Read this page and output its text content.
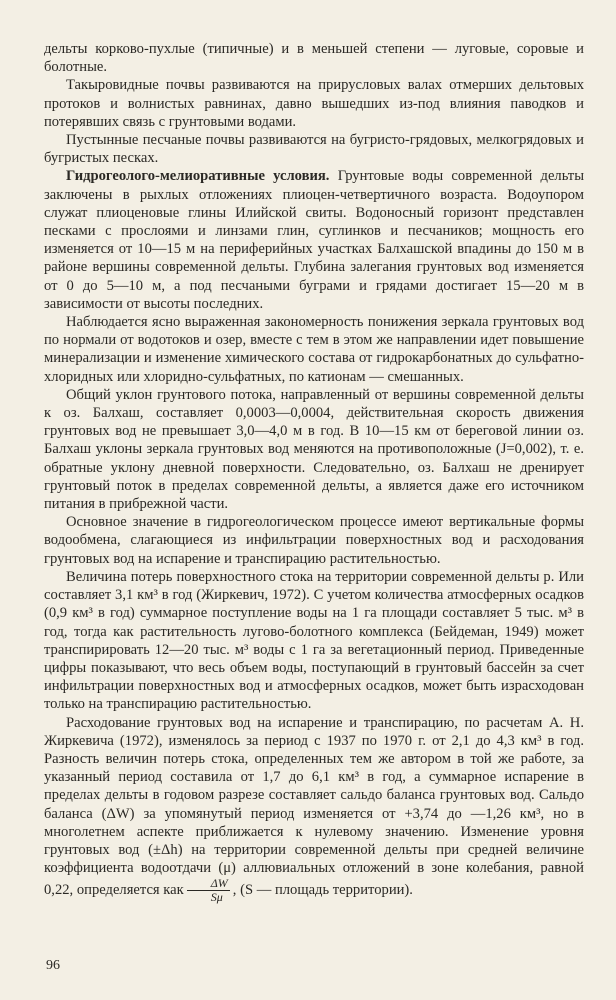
дельты корково-пухлые (типичные) и в меньшей степени — луговые, соровые и болотные.

Такыровидные почвы развиваются на прирусловых валах отмерших дельтовых протоков и волнистых равнинах, давно вышедших из-под влияния паводков и потерявших связь с грунтовыми водами.

Пустынные песчаные почвы развиваются на бугристо-грядовых, мелкогрядовых и бугристых песках.

Гидрогеолого-мелиоративные условия. Грунтовые воды современной дельты заключены в рыхлых отложениях плиоцен-четвертичного возраста. Водоупором служат плиоценовые глины Илийской свиты. Водоносный горизонт представлен песками с прослоями и линзами глин, суглинков и песчаников; мощность его изменяется от 10—15 м на периферийных участках Балхашской впадины до 150 м в районе вершины современной дельты. Глубина залегания грунтовых вод изменяется от 0 до 5—10 м, а под песчаными буграми и грядами достигает 15—20 м в зависимости от высоты последних.

Наблюдается ясно выраженная закономерность понижения зеркала грунтовых вод по нормали от водотоков и озер, вместе с тем в этом же направлении идет повышение минерализации и изменение химического состава от гидрокарбонатных до сульфатно-хлоридных или хлоридно-сульфатных, по катионам — смешанных.

Общий уклон грунтового потока, направленный от вершины современной дельты к оз. Балхаш, составляет 0,0003—0,0004, действительная скорость движения грунтовых вод не превышает 3,0—4,0 м в год. В 10—15 км от береговой линии оз. Балхаш уклоны зеркала грунтовых вод меняются на противоположные (J=0,002), т. е. обратные уклону дневной поверхности. Следовательно, оз. Балхаш не дренирует грунтовый поток в пределах современной дельты, а является даже его источником питания в прибрежной части.

Основное значение в гидрогеологическом процессе имеют вертикальные формы водообмена, слагающиеся из инфильтрации поверхностных вод и расходования грунтовых вод на испарение и транспирацию растительностью.

Величина потерь поверхностного стока на территории современной дельты р. Или составляет 3,1 км³ в год (Жиркевич, 1972). С учетом количества атмосферных осадков (0,9 км³ в год) суммарное поступление воды на 1 га площади составляет 5 тыс. м³ в год, тогда как растительность лугово-болотного комплекса (Бейдеман, 1949) может транспирировать 12—20 тыс. м³ воды с 1 га за вегетационный период. Приведенные цифры показывают, что весь объем воды, поступающий в грунтовый бассейн за счет инфильтрации поверхностных вод и атмосферных осадков, может быть израсходован только на транспирацию растительностью.

Расходование грунтовых вод на испарение и транспирацию, по расчетам А. Н. Жиркевича (1972), изменялось за период с 1937 по 1970 г. от 2,1 до 4,3 км³ в год. Разность величин потерь стока, определенных тем же автором в той же работе, за указанный период составила от 1,7 до 6,1 км³ в год, а суммарное испарение в пределах дельты в годовом разрезе составляет сальдо баланса грунтовых вод. Сальдо баланса (ΔW) за упомянутый период изменяется от +3,74 до —1,26 км³, но в многолетнем аспекте приближается к нулевому значению. Изменение уровня грунтовых вод (±Δh) на территории современной дельты при средней величине коэффициента водоотдачи (μ) аллювиальных отложений в зоне колебания, равной 0,22, определяется как $\frac{\Delta W}{S\mu}$ , (S — площадь территории).

96
